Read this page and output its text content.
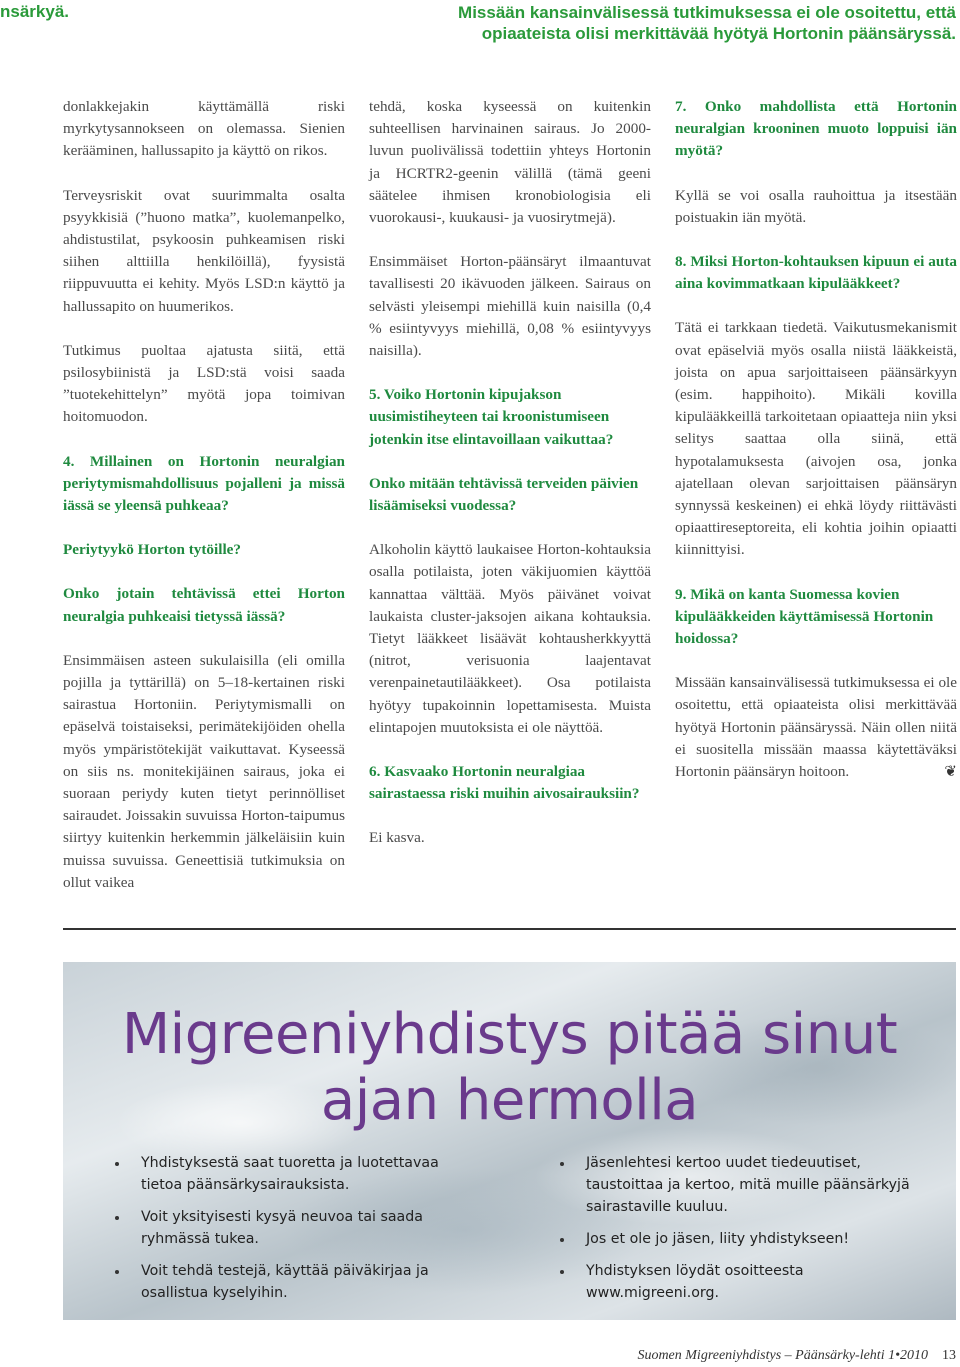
nsärkyä.	Missään kansainvälisessä tutkimuksessa ei ole osoitettu, että opiaateista olisi merkittävää hyötyä Hortonin päänsäryssä.

donlakkejakin käyttämällä riski myrkytysannokseen on olemassa. Sienien kerääminen, hallussapito ja käyttö on rikos.

Terveysriskit ovat suurimmalta osalta psyykkisiä (”huono matka”, kuolemanpelko, ahdistustilat, psykoosin puhkeamisen riski siihen alttiilla henkilöillä), fyysistä riippuvuutta ei kehity. Myös LSD:n käyttö ja hallussapito on huumerikos.

Tutkimus puoltaa ajatusta siitä, että psilosybiinistä ja LSD:stä voisi saada ”tuotekehittelyn” myötä jopa toimivan hoitomuodon.

4. Millainen on Hortonin neuralgian periytymismahdollisuus pojalleni ja missä iässä se yleensä puhkeaa?

Periytyykö Horton tytöille?

Onko jotain tehtävissä ettei Horton neuralgia puhkeaisi tietyssä iässä?

Ensimmäisen asteen sukulaisilla (eli omilla pojilla ja tyttärillä) on 5–18-kertainen riski sairastua Hortoniin. Periytymismalli on epäselvä toistaiseksi, perimätekijöiden ohella myös ympäristötekijät vaikuttavat. Kyseessä on siis ns. monitekijäinen sairaus, joka ei suoraan periydy kuten tietyt perinnölliset sairaudet. Joissakin suvuissa Horton-taipumus siirtyy kuitenkin herkemmin jälkeläisiin kuin muissa suvuissa. Geneettisiä tutkimuksia on ollut vaikea

tehdä, koska kyseessä on kuitenkin suhteellisen harvinainen sairaus. Jo 2000-luvun puolivälissä todettiin yhteys Hortonin ja HCRTR2-geenin välillä (tämä geeni säätelee ihmisen kronobiologisia eli vuorokausi-, kuukausi- ja vuosirytmejä).

Ensimmäiset Horton-päänsäryt ilmaantuvat tavallisesti 20 ikävuoden jälkeen. Sairaus on selvästi yleisempi miehillä kuin naisilla (0,4 % esiintyvyys miehillä, 0,08 % esiintyvyys naisilla).

5. Voiko Hortonin kipujakson uusimistiheyteen tai kroonistumiseen jotenkin itse elintavoillaan vaikuttaa?

Onko mitään tehtävissä terveiden päivien lisäämiseksi vuodessa?

Alkoholin käyttö laukaisee Horton-kohtauksia osalla potilaista, joten väkijuomien käyttöä kannattaa välttää. Myös päivänet voivat laukaista cluster-jaksojen aikana kohtauksia. Tietyt lääkkeet lisäävät kohtausherkkyyttä (nitrot, verisuonia laajentavat verenpainetautilääkkeet). Osa potilaista hyötyy tupakoinnin lopettamisesta. Muista elintapojen muutoksista ei ole näyttöä.

6. Kasvaako Hortonin neuralgiaa sairastaessa riski muihin aivosairauksiin?

Ei kasva.

7. Onko mahdollista että Hortonin neuralgian krooninen muoto loppuisi iän myötä?

Kyllä se voi osalla rauhoittua ja itsestään poistuakin iän myötä.

8. Miksi Horton-kohtauksen kipuun ei auta aina kovimmatkaan kipulääkkeet?

Tätä ei tarkkaan tiedetä. Vaikutusmekanismit ovat epäselviä myös osalla niistä lääkkeistä, joista on apua sarjoittaiseen päänsärkyyn (esim. happihoito). Mikäli kovilla kipulääkkeillä tarkoitetaan opiaatteja niin yksi selitys saattaa olla siinä, että hypotalamuksesta (aivojen osa, jonka ajatellaan olevan sarjoittaisen päänsäryn synnyssä keskeinen) ei ehkä löydy riittävästi opiaattireseptoreita, eli kohtia joihin opiaatti kiinnittyisi.

9. Mikä on kanta Suomessa kovien kipulääkkeiden käyttämisessä Hortonin hoidossa?

Missään kansainvälisessä tutkimuksessa ei ole osoitettu, että opiaateista olisi merkittävää hyötyä Hortonin päänsäryssä. Näin ollen niitä ei suositella missään maassa käytettäväksi Hortonin päänsäryn hoitoon.	❦

Migreeniyhdistys pitää sinut
ajan hermolla
Yhdistyksestä saat tuoretta ja luotettavaa tietoa päänsärkysairauksista.
Voit yksityisesti kysyä neuvoa tai saada ryhmässä tukea.
Voit tehdä testejä, käyttää päiväkirjaa ja osallistua kyselyihin.
Jäsenlehtesi kertoo uudet tiedeuutiset, taustoittaa ja kertoo, mitä muille päänsärkyjä sairastaville kuuluu.
Jos et ole jo jäsen, liity yhdistykseen!
Yhdistyksen löydät osoitteesta www.migreeni.org.
Suomen Migreeniyhdistys – Päänsärky-lehti 1•2010 13
